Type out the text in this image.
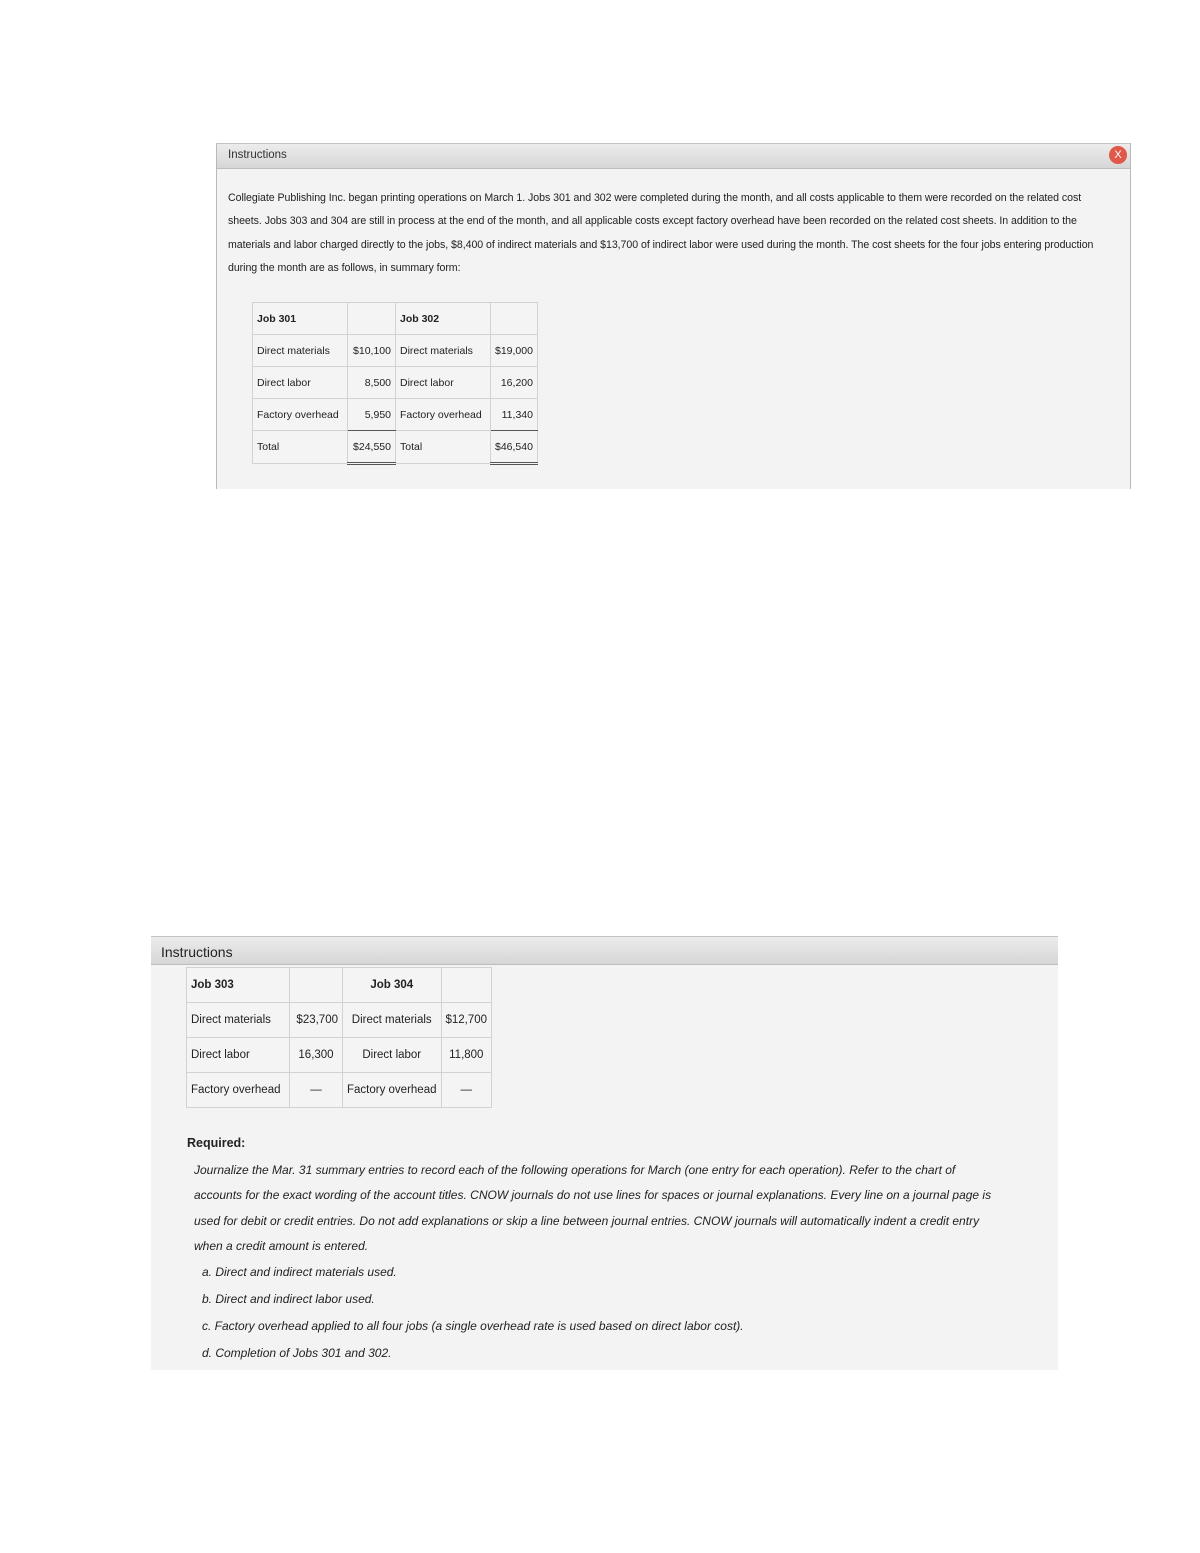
Instructions	X
Collegiate Publishing Inc. began printing operations on March 1. Jobs 301 and 302 were completed during the month, and all costs applicable to them were recorded on the related cost sheets. Jobs 303 and 304 are still in process at the end of the month, and all applicable costs except factory overhead have been recorded on the related cost sheets. In addition to the materials and labor charged directly to the jobs, $8,400 of indirect materials and $13,700 of indirect labor were used during the month. The cost sheets for the four jobs entering production during the month are as follows, in summary form:
Job 301		Job 302	
Direct materials	$10,100	Direct materials	$19,000
Direct labor	8,500	Direct labor	16,200
Factory overhead	5,950	Factory overhead	11,340
Total	$24,550	Total	$46,540
Instructions
Job 303		Job 304	
Direct materials	$23,700	Direct materials	$12,700
Direct labor	16,300	Direct labor	11,800
Factory overhead	—	Factory overhead	—
Required:
Journalize the Mar. 31 summary entries to record each of the following operations for March (one entry for each operation). Refer to the chart of accounts for the exact wording of the account titles. CNOW journals do not use lines for spaces or journal explanations. Every line on a journal page is used for debit or credit entries. Do not add explanations or skip a line between journal entries. CNOW journals will automatically indent a credit entry when a credit amount is entered.
a. Direct and indirect materials used.
b. Direct and indirect labor used.
c. Factory overhead applied to all four jobs (a single overhead rate is used based on direct labor cost).
d. Completion of Jobs 301 and 302.
